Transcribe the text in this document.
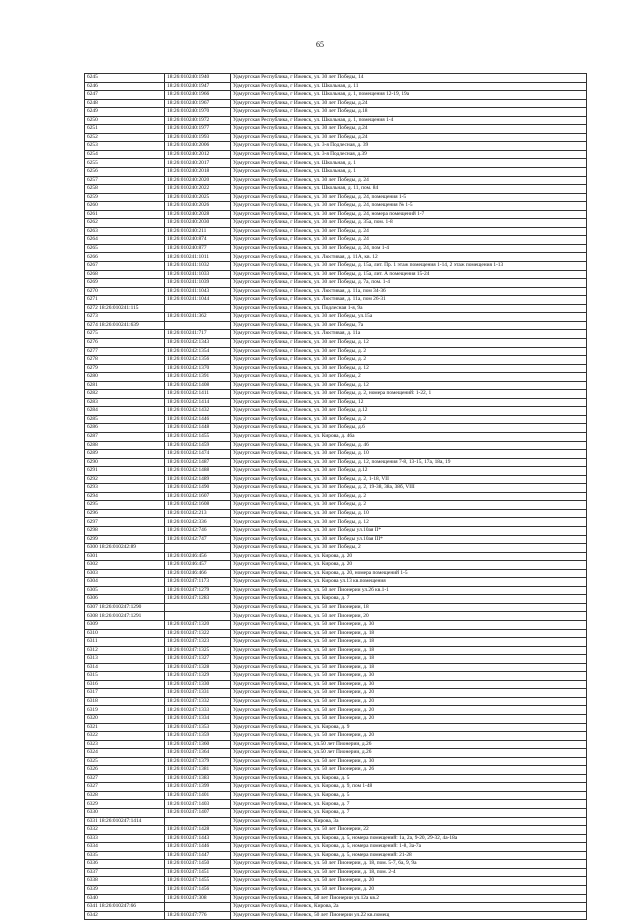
65
6245	18:26:010240:1940	Удмуртская Республика, г Ижевск, ул. 30 лет Победы, 14
6246	18:26:010240:1947	Удмуртская Республика, г Ижевск, ул. Школьная, д. 11
6247	18:26:010240:1966	Удмуртская Республика, г Ижевск, ул. Школьная, д. 1, помещения 12-19, 19а
6248	18:26:010240:1967	Удмуртская Республика, г Ижевск, ул. 30 лет Победы, д.24
6249	18:26:010240:1970	Удмуртская Республика, г Ижевск, ул. 30 лет Победы, д.18
6250	18:26:010240:1972	Удмуртская Республика, г Ижевск, ул. Школьная, д. 1, помещения 1-4
6251	18:26:010240:1977	Удмуртская Республика, г Ижевск, ул. 30 лет Победы, д.24
6252	18:26:010240:1993	Удмуртская Республика, г Ижевск, ул. 30 лет Победы, д.24
6253	18:26:010240:2006	Удмуртская Республика, г Ижевск, ул. 3-я Подлесная, д. 39
6254	18:26:010240:2012	Удмуртская Республика, г Ижевск, ул. 3-я Подлесная, д.39
6255	18:26:010240:2017	Удмуртская Республика, г Ижевск, ул. Школьная, д. 1
6256	18:26:010240:2018	Удмуртская Республика, г Ижевск, ул. Школьная, д. 1
6257	18:26:010240:2020	Удмуртская Республика, г Ижевск, ул. 30 лет Победы, д. 24
6258	18:26:010240:2022	Удмуртская Республика, г Ижевск, ул. Школьная, д. 11, пом. 84
6259	18:26:010240:2025	Удмуртская Республика, г Ижевск, ул. 30 лет Победы, д. 24, помещения 1-5
6260	18:26:010240:2026	Удмуртская Республика, г Ижевск, ул. 30 лет Победы, д. 24, помещения № 1-5
6261	18:26:010240:2028	Удмуртская Республика, г Ижевск, ул. 30 лет Победы, д. 24, номера помещений 1-7
6262	18:26:010240:2030	Удмуртская Республика, г Ижевск, ул. 30 лет Победы, д. 35а, пом. 1-8
6263	18:26:010240:211	Удмуртская Республика, г Ижевск, ул. 30 лет Победы, д. 24
6264	18:26:010240:874	Удмуртская Республика, г Ижевск, ул. 30 лет Победы, д. 24
6265	18:26:010240:877	Удмуртская Республика, г Ижевск, ул. 30 лет Победы, д. 24, пом 1-4
6266	18:26:010241:1011	Удмуртская Республика, г Ижевск, ул. Люстивая, д. 11А, кв. 12
6267	18:26:010241:1032	Удмуртская Республика, г Ижевск, ул. 30 лет Победы, д. 15а, лит. Пр. 1 этаж помещения 1-14, 2 этаж помещения 1-13
6268	18:26:010241:1033	Удмуртская Республика, г Ижевск, ул. 30 лет Победы, д. 15а, лит. А помещения 15-24
6269	18:26:010241:1039	Удмуртская Республика, г Ижевск, ул. 30 лет Победы, д. 7а, пом. 1-4
6270	18:26:010241:1043	Удмуртская Республика, г Ижевск, ул. Люстивая, д. 11а, пом 34-36
6271	18:26:010241:1044	Удмуртская Республика, г Ижевск, ул. Люстивая, д. 11а, пом 26-31
6272 18:26:010241:115		Удмуртская Республика, г Ижевск, ул. Подлесная 1-я, 9а
6273	18:26:010241:362	Удмуртская Республика, г Ижевск, ул. 30 лет Победы, ул.15а
6274 18:26:010241:639		Удмуртская Республика, г Ижевск, ул. 30 лет Победы, 7а
6275	18:26:010241:717	Удмуртская Республика, г Ижевск, ул. Люстивая, д. 11а
6276	18:26:010242:1343	Удмуртская Республика, г Ижевск, ул. 30 лет Победы, д. 12
6277	18:26:010242:1354	Удмуртская Республика, г Ижевск, ул. 30 лет Победы, д. 2
6278	18:26:010242:1356	Удмуртская Республика, г Ижевск, ул. 30 лет Победы, д. 2
6279	18:26:010242:1370	Удмуртская Республика, г Ижевск, ул. 30 лет Победы, д. 12
6280	18:26:010242:1391	Удмуртская Республика, г Ижевск, ул. 30 лет Победы, 2
6281	18:26:010242:1408	Удмуртская Республика, г Ижевск, ул. 30 лет Победы, д. 12
6282	18:26:010242:1411	Удмуртская Республика, г Ижевск, ул. 30 лет Победы, д. 2, номера помещений: 1-22, 1
6283	18:26:010242:1414	Удмуртская Республика, г Ижевск, ул. 30 лет Победы, 12
6284	18:26:010242:1432	Удмуртская Республика, г Ижевск, ул. 30 лет Победы, д.12
6285	18:26:010242:1446	Удмуртская Республика, г Ижевск, ул. 30 лет Победы, д. 2
6286	18:26:010242:1448	Удмуртская Республика, г Ижевск, ул. 30 лет Победы, д.6
6287	18:26:010242:1455	Удмуртская Республика, г Ижевск, ул. Кирова, д. 46а
6288	18:26:010242:1459	Удмуртская Республика, г Ижевск, ул. 30 лет Победы, д. 46
6289	18:26:010242:1474	Удмуртская Республика, г Ижевск, ул. 30 лет Победы, д. 10
6290	18:26:010242:1487	Удмуртская Республика, г Ижевск, ул. 30 лет Победы, д. 12, помещения 7-8, 13-15, 17а, 18а, 19
6291	18:26:010242:1488	Удмуртская Республика, г Ижевск, ул. 30 лет Победы, д.12
6292	18:26:010242:1489	Удмуртская Республика, г Ижевск, ул. 30 лет Победы, д. 2, 1-18, VII
6293	18:26:010242:1490	Удмуртская Республика, г Ижевск, ул. 30 лет Победы, д. 2, 19-38, 38а, 38б, VIII
6294	18:26:010242:1607	Удмуртская Республика, г Ижевск, ул. 30 лет Победы, д. 2
6295	18:26:010242:1608	Удмуртская Республика, г Ижевск, ул. 30 лет Победы, д. 2
6296	18:26:010242:213	Удмуртская Республика, г Ижевск, ул. 30 лет Победы, д. 10
6297	18:26:010242:336	Удмуртская Республика, г Ижевск, ул. 30 лет Победы, д. 12
6298	18:26:010242:746	Удмуртская Республика, г Ижевск, ул. 30 лет Победы ул.10ая II*
6299	18:26:010242:747	Удмуртская Республика, г Ижевск, ул. 30 лет Победы ул.10ая III*
6300 18:26:010242:89		Удмуртская Республика, г Ижевск, ул. 30 лет Победы, 2
6301	18:26:010246:456	Удмуртская Республика, г Ижевск, ул. Кирова, д. 20
6302	18:26:010246:457	Удмуртская Республика, г Ижевск, ул. Кирова, д. 20
6303	18:26:010246:466	Удмуртская Республика, г Ижевск, ул. Кирова, д. 20, номера помещений 1-5
6304	18:26:010247:1173	Удмуртская Республика, г Ижевск, ул. Кирова ул.13 кв.помещения
6305	18:26:010247:1279	Удмуртская Республика, г Ижевск, ул. 50 лет Пионерии ул.26 кв.1-1
6306	18:26:010247:1283	Удмуртская Республика, г Ижевск, ул. Кирова, д. 7
6307 18:26:010247:1290		Удмуртская Республика, г Ижевск, ул. 50 лет Пионерии, 18
6308 18:26:010247:1291		Удмуртская Республика, г Ижевск, ул. 50 лет Пионерии, 20
6309	18:26:010247:1320	Удмуртская Республика, г Ижевск, ул. 50 лет Пионерии, д. 30
6310	18:26:010247:1322	Удмуртская Республика, г Ижевск, ул. 50 лет Пионерии, д. 18
6311	18:26:010247:1323	Удмуртская Республика, г Ижевск, ул. 50 лет Пионерии, д. 18
6312	18:26:010247:1325	Удмуртская Республика, г Ижевск, ул. 50 лет Пионерии, д. 18
6313	18:26:010247:1327	Удмуртская Республика, г Ижевск, ул. 50 лет Пионерии, д. 18
6314	18:26:010247:1328	Удмуртская Республика, г Ижевск, ул. 50 лет Пионерии, д. 18
6315	18:26:010247:1329	Удмуртская Республика, г Ижевск, ул. 50 лет Пионерии, д. 30
6316	18:26:010247:1330	Удмуртская Республика, г Ижевск, ул. 50 лет Пионерии, д. 30
6317	18:26:010247:1331	Удмуртская Республика, г Ижевск, ул. 50 лет Пионерии, д. 20
6318	18:26:010247:1332	Удмуртская Республика, г Ижевск, ул. 50 лет Пионерии, д. 20
6319	18:26:010247:1333	Удмуртская Республика, г Ижевск, ул. 50 лет Пионерии, д. 20
6320	18:26:010247:1334	Удмуртская Республика, г Ижевск, ул. 50 лет Пионерии, д. 20
6321	18:26:010247:1353	Удмуртская Республика, г Ижевск, ул. Кирова, д. 9
6322	18:26:010247:1359	Удмуртская Республика, г Ижевск, ул. 50 лет Пионерии, д. 20
6323	18:26:010247:1360	Удмуртская Республика, г Ижевск, ул.50 лет Пионерии, д.26
6324	18:26:010247:1364	Удмуртская Республика, г Ижевск, ул.50 лет Пионерии, д.26
6325	18:26:010247:1379	Удмуртская Республика, г Ижевск, ул. 50 лет Пионерии, д. 30
6326	18:26:010247:1381	Удмуртская Республика, г Ижевск, ул. 50 лет Пионерии, д. 26
6327	18:26:010247:1383	Удмуртская Республика, г Ижевск, ул. Кирова, д. 5
6327	18:26:010247:1399	Удмуртская Республика, г Ижевск, ул. Кирова, д. 9, пом 1-48
6328	18:26:010247:1401	Удмуртская Республика, г Ижевск, ул. Кирова, д. 5
6329	18:26:010247:1403	Удмуртская Республика, г Ижевск, ул. Кирова, д. 7
6330	18:26:010247:1407	Удмуртская Республика, г Ижевск, ул. Кирова, д. 7
6331 18:26:010247:1414		Удмуртская Республика, г Ижевск, Кирова, 3а
6332	18:26:010247:1428	Удмуртская Республика, г Ижевск, ул. 50 лет Пионерии, 22
6333	18:26:010247:1443	Удмуртская Республика, г Ижевск, ул. Кирова, д. 5, номера помещений: 1а, 2а, 9-20, 29-32, 4а-18а
6334	18:26:010247:1446	Удмуртская Республика, г Ижевск, ул. Кирова, д. 5, номера помещений: 1-8, 3а-7а
6335	18:26:010247:1447	Удмуртская Республика, г Ижевск, ул. Кирова, д. 5, номера помещений: 21-28
6336	18:26:010247:1450	Удмуртская Республика, г Ижевск, ул. 50 лет Пионерии, д. 18, пом. 5-7, 6а, 9, 9а
6337	18:26:010247:1451	Удмуртская Республика, г Ижевск, ул. 50 лет Пионерии, д. 18, пом. 2-4
6338	18:26:010247:1455	Удмуртская Республика, г Ижевск, ул. 50 лет Пионерии, д. 20
6339	18:26:010247:1456	Удмуртская Республика, г Ижевск, ул. 50 лет Пионерии, д. 20
6340	18:26:010247:308	Удмуртская Республика, г Ижевск, 50 лет Пионерии ул.12а кв.2
6341 18:26:010247:66		Удмуртская Республика, г Ижевск, Кирова, 2а
6342	18:26:010247:776	Удмуртская Республика, г Ижевск, 50 лет Пионерии ул.22 кв.помещ
